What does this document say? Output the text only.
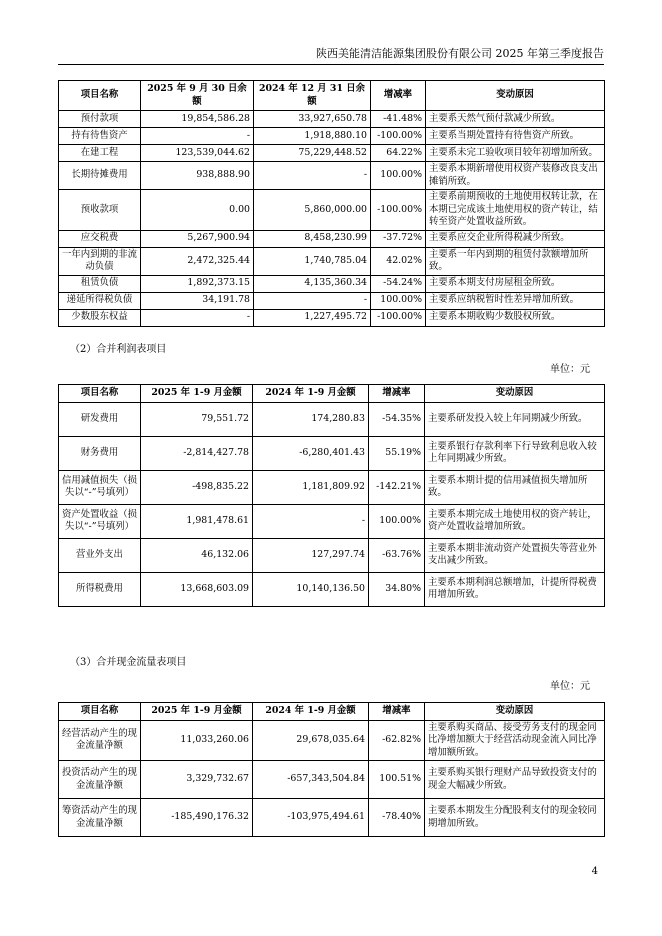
陕西美能清洁能源集团股份有限公司 2025 年第三季度报告
项目名称	2025 年 9 月 30 日余额	2024 年 12 月 31 日余额	增减率	变动原因
预付款项	19,854,586.28	33,927,650.78	-41.48%	主要系天然气预付款减少所致。
持有待售资产	-	1,918,880.10	-100.00%	主要系当期处置持有待售资产所致。
在建工程	123,539,044.62	75,229,448.52	64.22%	主要系未完工验收项目较年初增加所致。
长期待摊费用	938,888.90	-	100.00%	主要系本期新增使用权资产装修改良支出摊销所致。
预收款项	0.00	5,860,000.00	-100.00%	主要系前期预收的土地使用权转让款，在本期已完成该土地使用权的资产转让，结转至资产处置收益所致。
应交税费	5,267,900.94	8,458,230.99	-37.72%	主要系应交企业所得税减少所致。
一年内到期的非流动负债	2,472,325.44	1,740,785.04	42.02%	主要系一年内到期的租赁付款额增加所致。
租赁负债	1,892,373.15	4,135,360.34	-54.24%	主要系本期支付房屋租金所致。
递延所得税负债	34,191.78	-	100.00%	主要系应纳税暂时性差异增加所致。
少数股东权益	-	1,227,495.72	-100.00%	主要系本期收购少数股权所致。
（2）合并利润表项目
单位：元
项目名称	2025 年 1-9 月金额	2024 年 1-9 月金额	增减率	变动原因
研发费用	79,551.72	174,280.83	-54.35%	主要系研发投入较上年同期减少所致。
财务费用	-2,814,427.78	-6,280,401.43	55.19%	主要系银行存款利率下行导致利息收入较上年同期减少所致。
信用减值损失（损失以“-”号填列）	-498,835.22	1,181,809.92	-142.21%	主要系本期计提的信用减值损失增加所致。
资产处置收益（损失以“-”号填列）	1,981,478.61	-	100.00%	主要系本期完成土地使用权的资产转让，资产处置收益增加所致。
营业外支出	46,132.06	127,297.74	-63.76%	主要系本期非流动资产处置损失等营业外支出减少所致。
所得税费用	13,668,603.09	10,140,136.50	34.80%	主要系本期利润总额增加，计提所得税费用增加所致。
（3）合并现金流量表项目
单位：元
项目名称	2025 年 1-9 月金额	2024 年 1-9 月金额	增减率	变动原因
经营活动产生的现金流量净额	11,033,260.06	29,678,035.64	-62.82%	主要系购买商品、接受劳务支付的现金同比净增加额大于经营活动现金流入同比净增加额所致。
投资活动产生的现金流量净额	3,329,732.67	-657,343,504.84	100.51%	主要系购买银行理财产品导致投资支付的现金大幅减少所致。
筹资活动产生的现金流量净额	-185,490,176.32	-103,975,494.61	-78.40%	主要系本期发生分配股利支付的现金较同期增加所致。
4
